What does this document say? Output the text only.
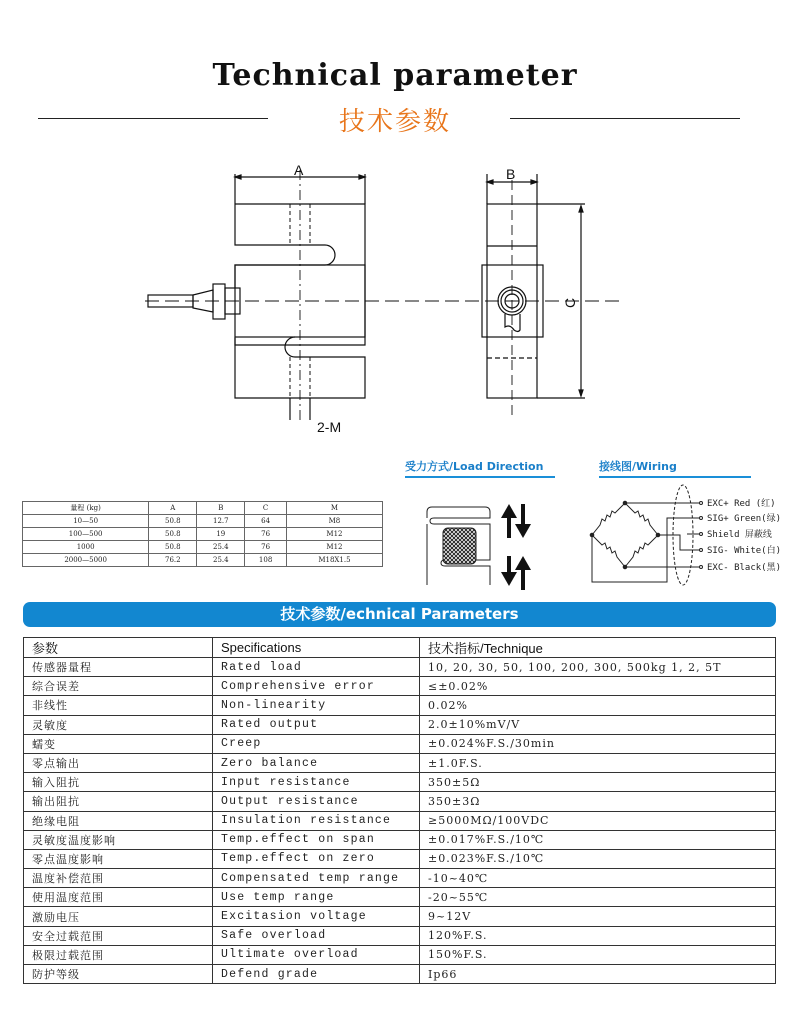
Technical parameter
技术参数
A
2-M
B
C
量程 (kg)	A	B	C	M
10—50	50.8	12.7	64	M8
100—500	50.8	19	76	M12
1000	50.8	25.4	76	M12
2000—5000	76.2	25.4	108	M18X1.5
受力方式/Load Direction	接线图/Wiring
EXC+ Red (红)
SIG+ Green(绿)
Shield 屏蔽线
SIG- White(白)
EXC- Black(黑)
技术参数/echnical Parameters
参数	Specifications	技术指标/Technique
传感器量程	Rated load	10, 20, 30, 50, 100, 200, 300, 500kg 1, 2, 5T
综合误差	Comprehensive error	≤±0.02%
非线性	Non-linearity	0.02%
灵敏度	Rated output	2.0±10%mV/V
蠕变	Creep	±0.024%F.S./30min
零点输出	Zero balance	±1.0F.S.
输入阻抗	Input resistance	350±5Ω
输出阻抗	Output resistance	350±3Ω
绝缘电阻	Insulation resistance	≥5000MΩ/100VDC
灵敏度温度影响	Temp.effect on span	±0.017%F.S./10℃
零点温度影响	Temp.effect on zero	±0.023%F.S./10℃
温度补偿范围	Compensated temp range	-10~40℃
使用温度范围	Use temp range	-20~55℃
激励电压	Excitasion voltage	9~12V
安全过载范围	Safe overload	120%F.S.
极限过载范围	Ultimate overload	150%F.S.
防护等级	Defend grade	Ip66
